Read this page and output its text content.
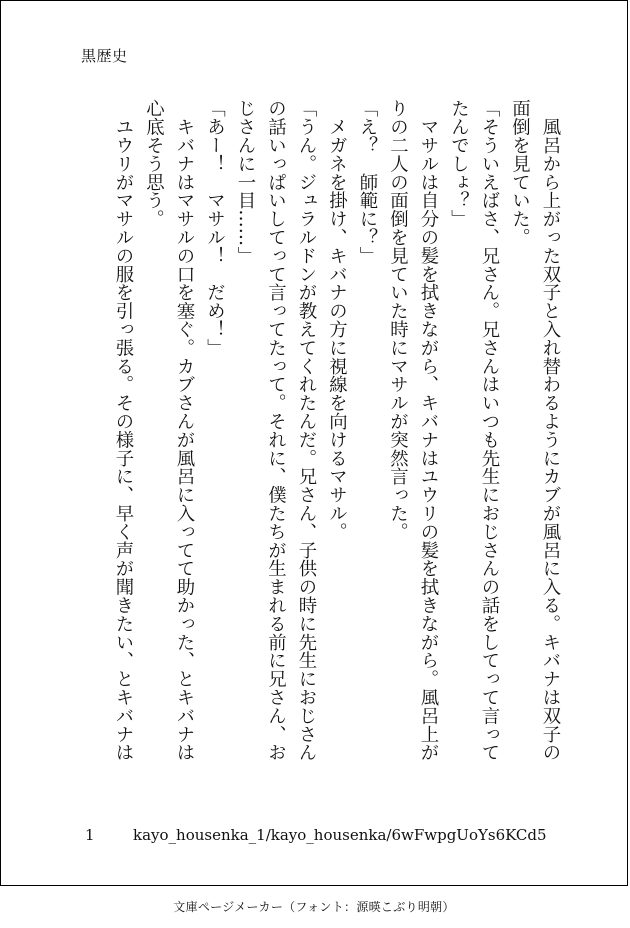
黒歴史
　風呂から上がった双子と入れ替わるようにカブが風呂に入る。キバナは双子の
面倒を見ていた。
「そういえばさ、兄さん。兄さんはいつも先生におじさんの話をしてって言って
たんでしょ？」
　マサルは自分の髪を拭きながら、キバナはユウリの髪を拭きながら。風呂上が
りの二人の面倒を見ていた時にマサルが突然言った。
「え？　師範に？」
　メガネを掛け、キバナの方に視線を向けるマサル。
「うん。ジュラルドンが教えてくれたんだ。兄さん、子供の時に先生におじさん
の話いっぱいしてって言ってたって。それに、僕たちが生まれる前に兄さん、お
じさんに一目……」
「あー！　マサル！　だめ！」
　キバナはマサルの口を塞ぐ。カブさんが風呂に入ってて助かった、とキバナは
心底そう思う。
　ユウリがマサルの服を引っ張る。その様子に、早く声が聞きたい、とキバナは
1	kayo_housenka_1/kayo_housenka/6wFwpgUoYs6KCd5
文庫ページメーカー（フォント：源暎こぶり明朝）
